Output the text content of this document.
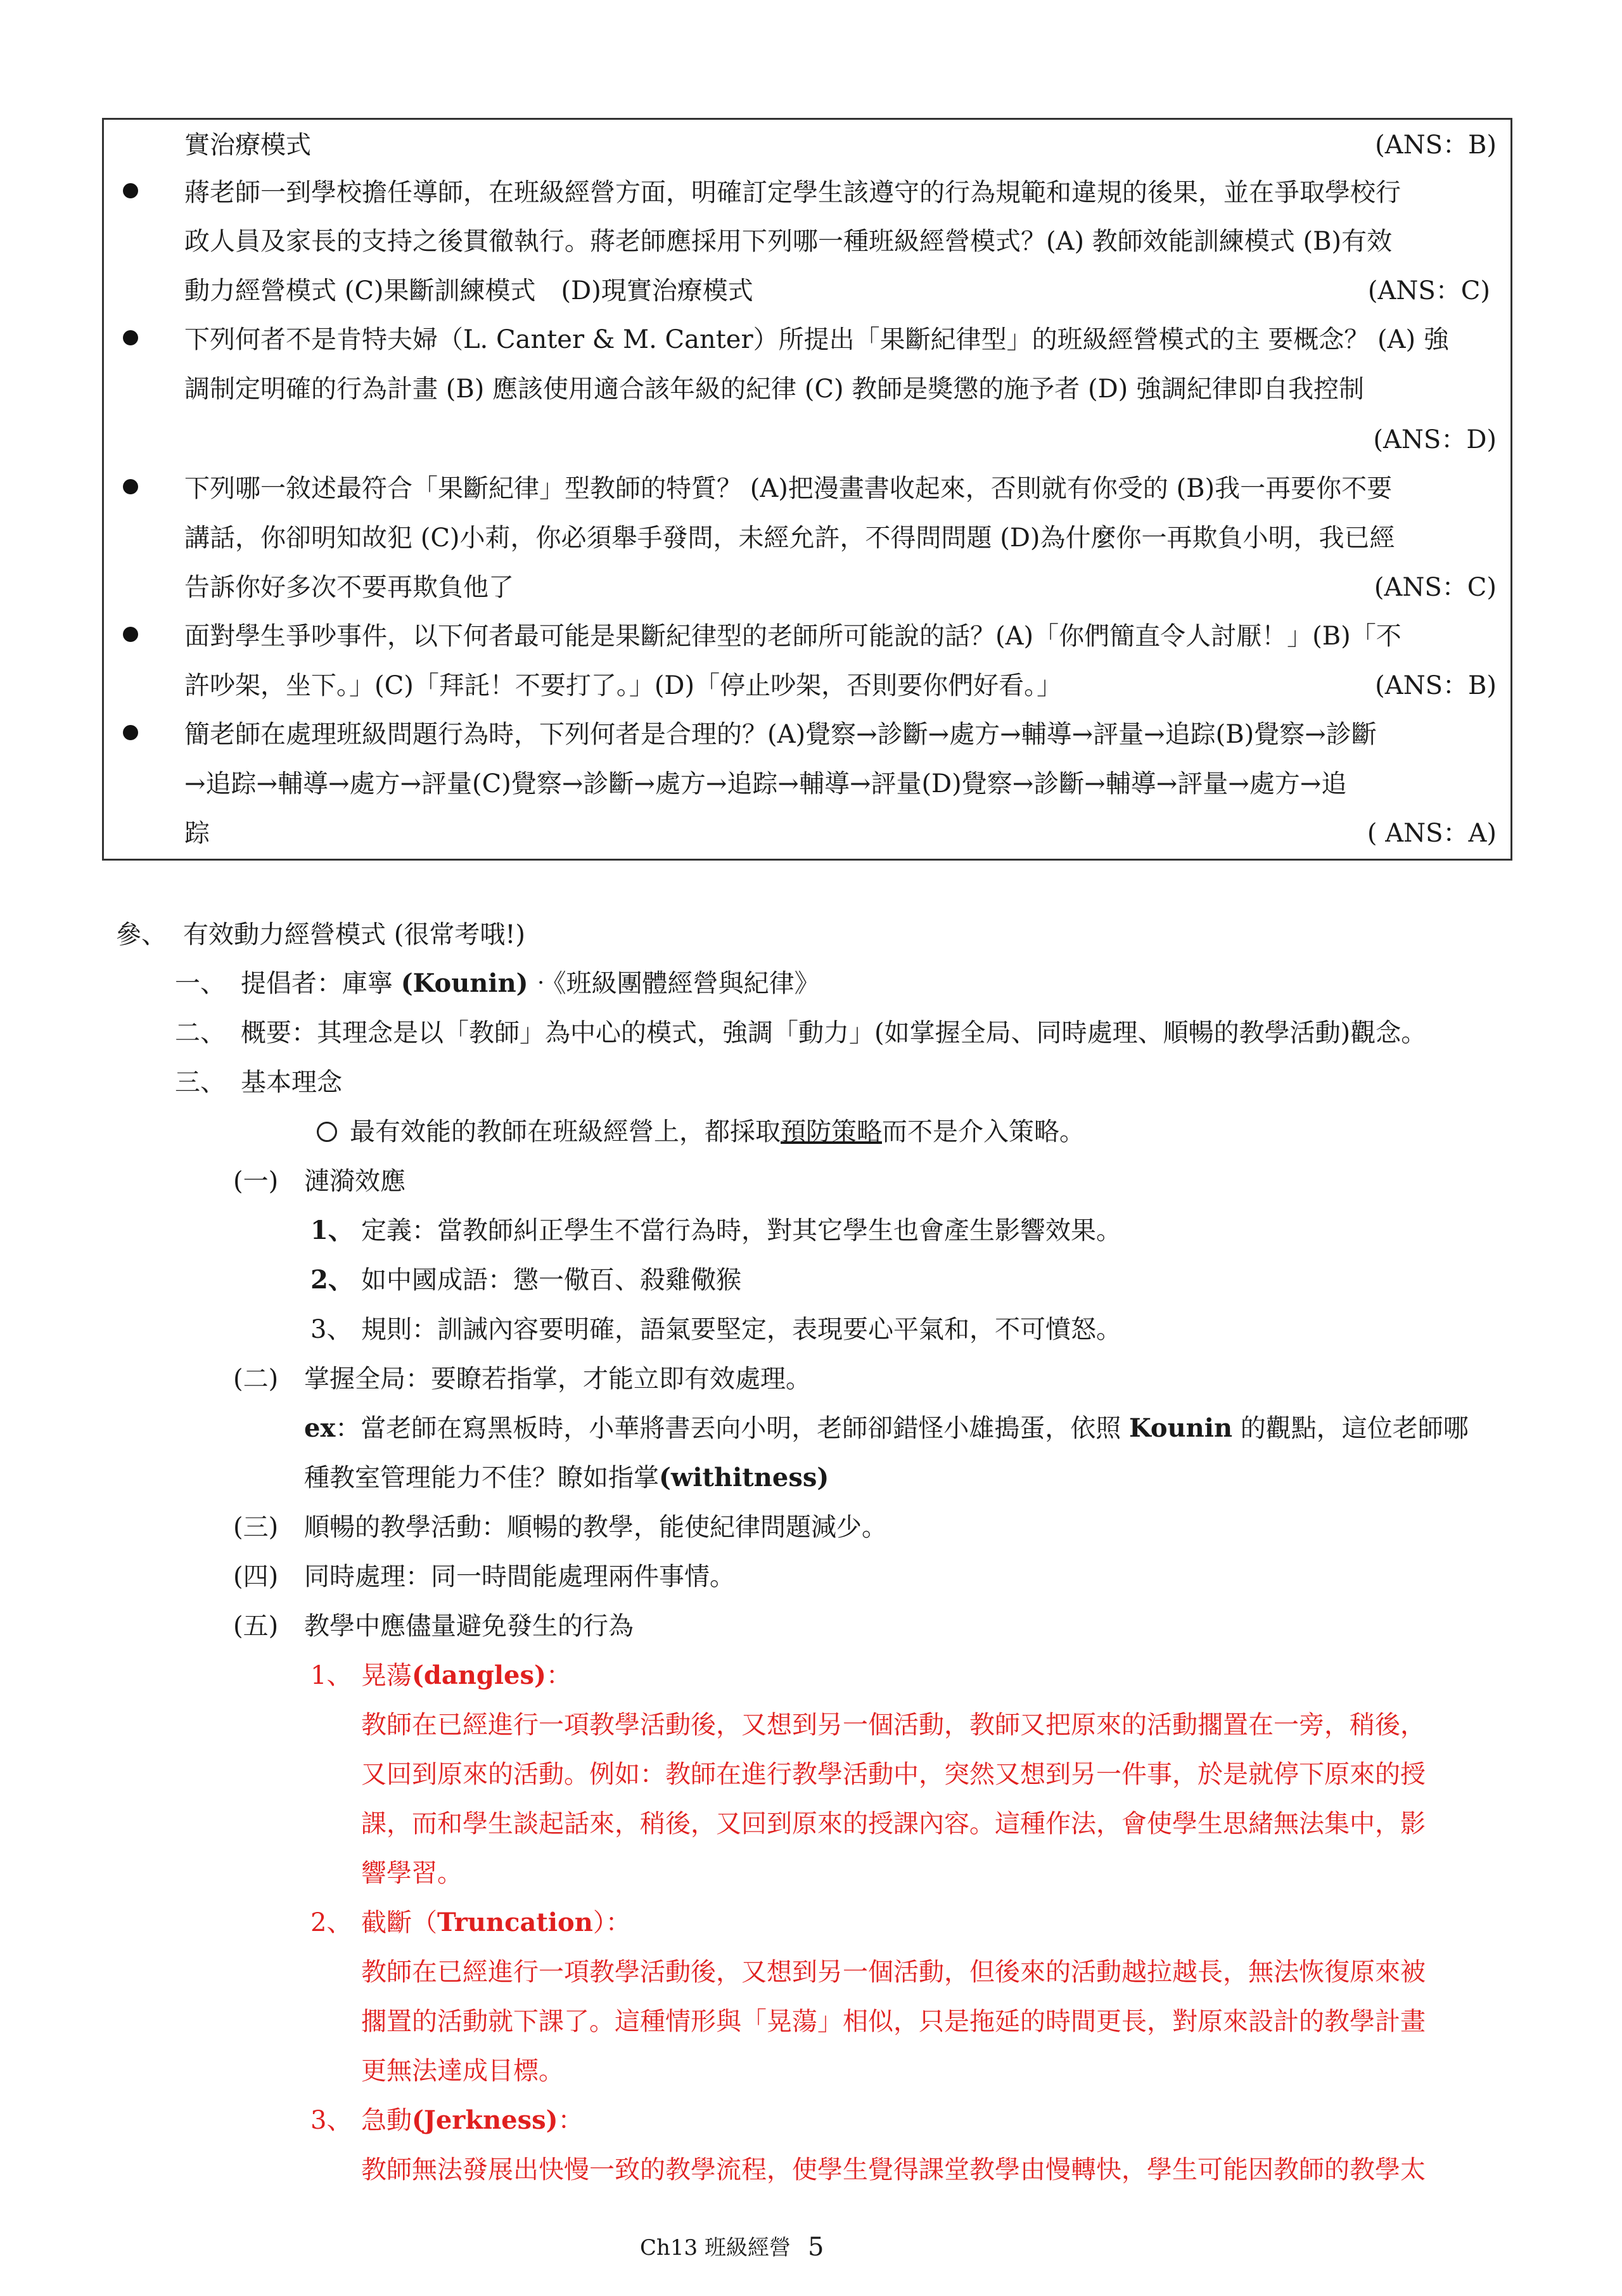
實治療模式	(ANS：B)
蔣老師一到學校擔任導師，在班級經營方面，明確訂定學生該遵守的行為規範和違規的後果，並在爭取學校行
政人員及家長的支持之後貫徹執行。蔣老師應採用下列哪一種班級經營模式？(A) 教師效能訓練模式 (B)有效
動力經營模式 (C)果斷訓練模式　(D)現實治療模式	(ANS：C)
下列何者不是肯特夫婦（L. Canter & M. Canter）所提出「果斷紀律型」的班級經營模式的主 要概念？ (A) 強
調制定明確的行為計畫 (B) 應該使用適合該年級的紀律 (C) 教師是獎懲的施予者 (D) 強調紀律即自我控制
(ANS：D)
下列哪一敘述最符合「果斷紀律」型教師的特質？ (A)把漫畫書收起來，否則就有你受的 (B)我一再要你不要
講話，你卻明知故犯 (C)小莉，你必須舉手發問，未經允許，不得問問題 (D)為什麼你一再欺負小明，我已經
告訴你好多次不要再欺負他了	(ANS：C)
面對學生爭吵事件，以下何者最可能是果斷紀律型的老師所可能說的話？(A)「你們簡直令人討厭！」(B)「不
許吵架，坐下。」(C)「拜託！不要打了。」(D)「停止吵架，否則要你們好看。」	(ANS：B)
簡老師在處理班級問題行為時，下列何者是合理的？(A)覺察→診斷→處方→輔導→評量→追踪(B)覺察→診斷
→追踪→輔導→處方→評量(C)覺察→診斷→處方→追踪→輔導→評量(D)覺察→診斷→輔導→評量→處方→追
踪	( ANS：A)
參、 有效動力經營模式 (很常考哦!)
一、 提倡者：庫寧 (Kounin)‧《班級團體經營與紀律》
二、 概要：其理念是以「教師」為中心的模式，強調「動力」(如掌握全局、同時處理、順暢的教學活動)觀念。
三、 基本理念
最有效能的教師在班級經營上，都採取預防策略而不是介入策略。
(一) 漣漪效應
1、 定義：當教師糾正學生不當行為時，對其它學生也會產生影響效果。
2、 如中國成語：懲一儆百、殺雞儆猴
3、 規則：訓誡內容要明確，語氣要堅定，表現要心平氣和，不可憤怒。
(二) 掌握全局：要瞭若指掌，才能立即有效處理。
ex：當老師在寫黑板時，小華將書丟向小明，老師卻錯怪小雄搗蛋，依照 Kounin 的觀點，這位老師哪
種教室管理能力不佳？瞭如指掌(withitness)
(三) 順暢的教學活動：順暢的教學，能使紀律問題減少。
(四) 同時處理：同一時間能處理兩件事情。
(五) 教學中應儘量避免發生的行為
1、 晃蕩(dangles)：
教師在已經進行一項教學活動後，又想到另一個活動，教師又把原來的活動擱置在一旁，稍後，
又回到原來的活動。例如：教師在進行教學活動中，突然又想到另一件事，於是就停下原來的授
課，而和學生談起話來，稍後，又回到原來的授課內容。這種作法，會使學生思緒無法集中，影
響學習。
2、 截斷（Truncation）：
教師在已經進行一項教學活動後，又想到另一個活動，但後來的活動越拉越長，無法恢復原來被
擱置的活動就下課了。這種情形與「晃蕩」相似，只是拖延的時間更長，對原來設計的教學計畫
更無法達成目標。
3、 急動(Jerkness)：
教師無法發展出快慢一致的教學流程，使學生覺得課堂教學由慢轉快，學生可能因教師的教學太
Ch13 班級經營 5
